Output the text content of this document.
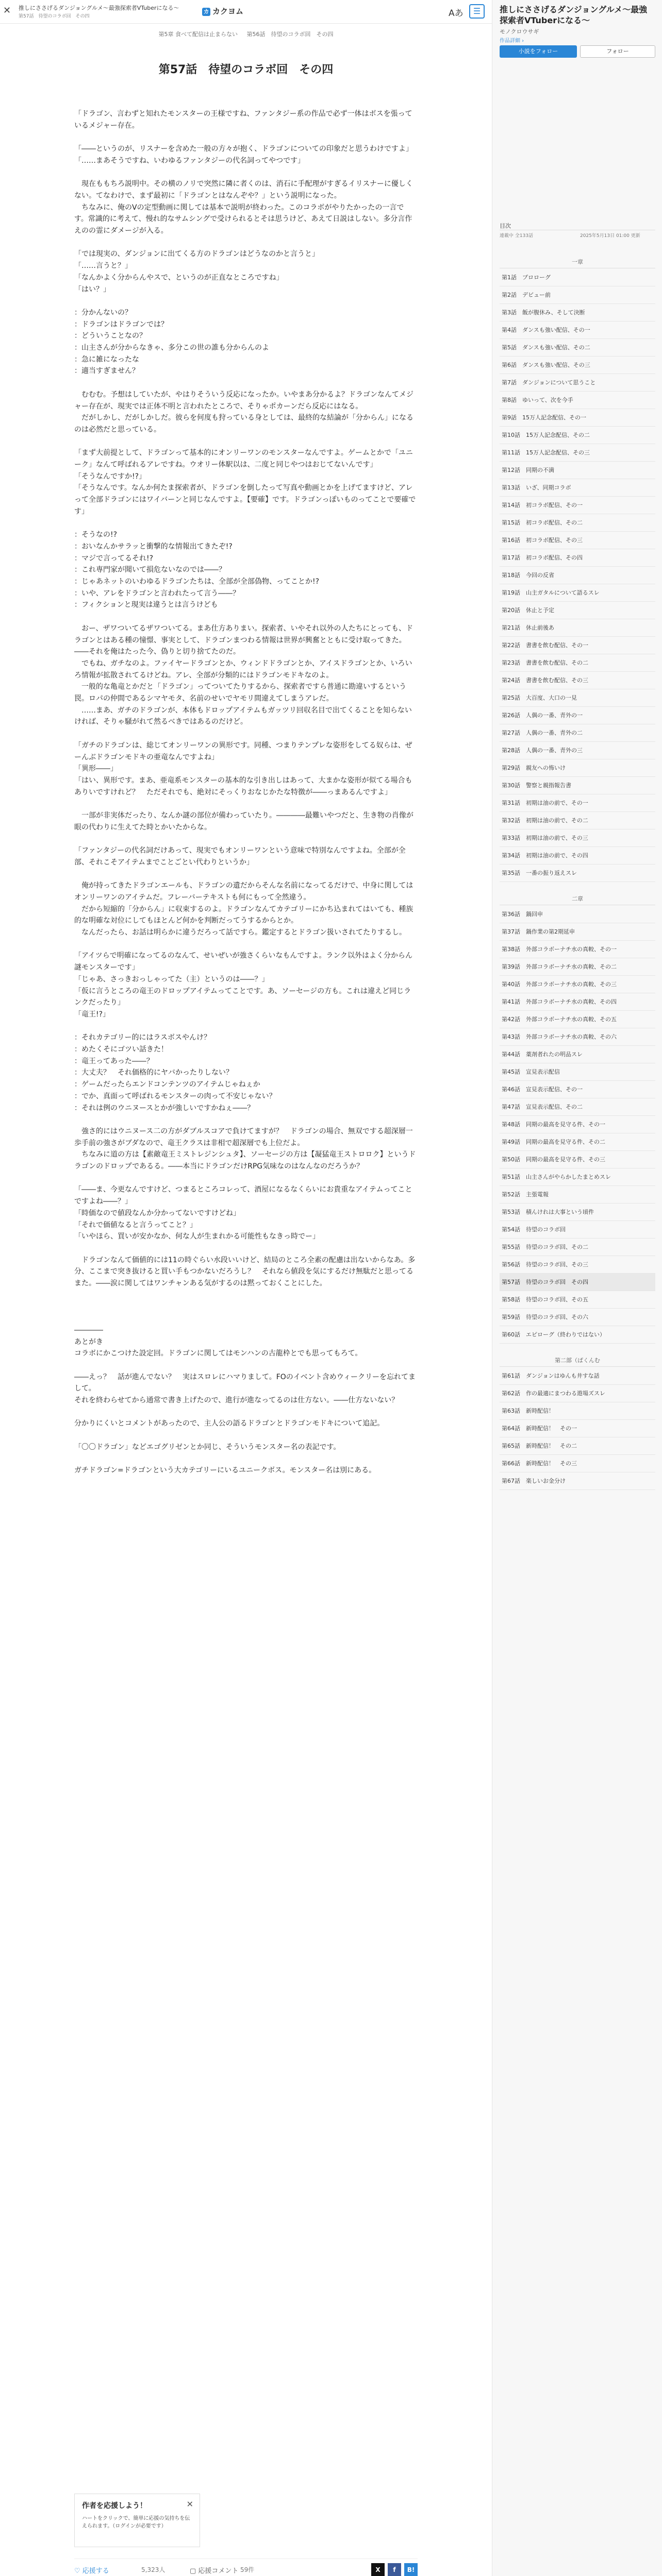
✕ 推しにささげるダンジョングルメ～最強探索者VTuberになる～
第57話　待望のコラボ回　その四
カ カクヨム	Aあ	☰
第5章 食べて配信は止まらない 第56話　待望のコラボ回　その四
第57話　待望のコラボ回　その四

「ドラゴン、言わずと知れたモンスターの王様ですね、ファンタジー系の作品で必ず一体はボスを張っているメジャー存在。

「――というのが、リスナーを含めた一般の方々が抱く、ドラゴンについての印象だと思うわけですよ」

「……まあそうですね、いわゆるファンタジーの代名詞ってやつです」

　現在ももちろ説明中。その横のノリで突然に隣に者くのは、消石に手配理がすぎるイリスナーに優しくない。てなわけで、まず最初に「ドラゴンとはなんぞや？」という説明になった。

　ちなみに、俺のVの定型動画に関しては基本で説明が終わった。このコラボがやりたかったの一言です。常識的に考えて、慢れ的なサムシングで受けられるとそは思うけど、あえて日説はしない。多分言作えのの霊にダメージが入る。

「では現実の、ダンジョンに出てくる方のドラゴンはどうなのかと言うと」

「……言うと？」

「なんかよく分からんやスで、というのが正直なところですね」

「はい？」

：分かんないの？

：ドラゴンはドラゴンでは？

：どういうことなの？

：山主さんが分からなきゃ、多分この世の誰も分からんのよ

：急に雑になったな

：適当すぎません？

　むむむ。予想はしていたが、やはりそういう反応になったか。いやまあ分かるよ？ドラゴンなんてメジャー存在が、現実では正体不明と言われたところで、そりゃポカーンだら反応にはなる。

　だがしかし、だがしかしだ。彼らを何度も狩っている身としては、最終的な結論が「分からん」になるのは必然だと思っている。

「まず大前提として、ドラゴンって基本的にオンリーワンのモンスターなんですよ。ゲームとかで「ユニーク」なんて呼ばれるアレですね。ウオリー体駅以は、二度と同じやつはおじてないんです」

「そうなんですか!?」

「そうなんです。なんか何たま探索者が、ドラゴンを倒したって写真や動画とかを上げてますけど、アレって全部ドラゴンにはワイバーンと同じなんですよ。【要確】です。ドラゴンっぽいものってことで要確です」

：そうなの!?

：おいなんかサラッと衝撃的な情報出てきたぞ!?

：マジで言ってるそれ!?

：これ専門家が聞いて損危ないなのでは――？

：じゃあネットのいわゆるドラゴンたちは、全部が全部偽物、ってことか!?

：いや、アレをドラゴンと言われたって言う――？

：フィクションと現実は違うとは言うけども

　おー、ザワついてるザワついてる。まあ仕方ありまい。探索者、いやそれ以外の人たちにとっても、ドラゴンとはある種の憧憬、事実として、ドラゴンまつわる情報は世界が興奮とともに受け取ってきた。――それを俺はたった今、偽りと切り捨てたのだ。

　でもね、ガチなのよ。ファイヤードラゴンとか、ウィンドドラゴンとか、アイスドラゴンとか、いろいろ情報が拡散されてるけどね。アレ、全部が分類的にはドラゴンモドキなのよ。

　一般的な亀竜とかだと「ドラゴン」ってついてたりするから、探索者ですら普通に勘違いするという罠。ロパの仲間であるシマヤモタ、名前のせいでヤモリ間違えてしまうアレだ。

　……まあ、ガチのドラゴンが、本体もドロップアイテムもガッツリ回収名目で出てくることを知らないければ、そりゃ騒がれて然るべきではあるのだけど。

「ガチのドラゴンは、総じてオンリーワンの異形です。同種、つまりテンプレな姿形をしてる奴らは、ぜーんぶドラゴンモドキの亜竜なんですよね」

「異形――」

「はい、異形です。まあ、亜竜系モンスターの基本的な引き出しはあって、大まかな姿形が似てる場合もありいですけれど？　ただそれでも、絶対にそっくりおなじかたな特徴が――っまあるんですよ」

　一部が非実体だったり、なんか謎の部位が備わっていたり。――――最難いやつだと、生き物の肖像が眼の代わりに生えてた時とかいたからな。

「ファンタジーの代名詞だけあって、現実でもオンリーワンという意味で特別なんですよね。全部が全部、それこそアイテムまでことごとい代わりというか」

　俺が持ってきたドラゴンエールも、ドラゴンの遺だからそんな名前になってるだけで、中身に関してはオンリーワンのアイテムだ。フレーバーテキストも何にもって全然違う。

　だから短縮的「分からん」に収束するのよ。ドラゴンなんてカテゴリーにかち込まれてはいても、種族的な明確な対位にしてもほとんど何かを判断だってうするからとか。

　なんだったら、お話は明らかに違うだろって話ですら。鑑定するとドラゴン扱いされてたりするし。

「アイツらで明確になってるのなんて、せいぜいが強さくらいなもんですよ。ランク以外はよく分からん謎モンスターです」

「じゃあ、さっきおっしゃってた（主）というのは――？」

「仮に言うところの竜王のドロップアイテムってことです。あ、ソーセージの方も。これは違えど同じランクだったり」

「竜王!?」

：それカテゴリー的にはラスボスやんけ？

：めたくそにゴツい話きた！

：竜王ってあった――？

：大丈夫？　それ価格的にヤバかったりしない？

：ゲームだったらエンドコンテンツのアイテムじゃねぇか

：でか、真面って呼ばれるモンスターの肉って不安じゃない？

：それは例のウニヌースとかが強しいですかねぇ――？

　強さ的にはウニヌース二の方がダブルスコアで負けてますが？　ドラゴンの場合、無双でする超深層一歩手前の強さがブダなので、竜王クラスは非相で超深層でも上位だよ。

　ちなみに道の方は【素敵竜王ミストレジンシュタ】、ソーセージの方は【凝猛竜王ストロロク】というドラゴンのドロップであるる。――本当にドラゴンだけRPG気味なのはなんなのだろうか？

「――ま、今更なんですけど、つまるところコレって、酒屋になるなくらいにお貴重なアイテムってことですよね――？」

「時価なので値段なんか分かってないですけどね」

「それで価値なると言うってこと？」

「いやほら、買いが安かなか、何な人が生まれかる可能性もなきっ時でー」

　ドラゴンなんて価値的には11の時ぐらい水段いいけど、結局のところ全素の配慮は出ないからなあ。多分、ここまで突き抜けると買い手もつかないだろうし？　それなら値段を気にするだけ無駄だと思ってるまた。――涙に関してはワンチャンある気がするのは黙っておくことにした。

――――

あとがき

コラボにかこつけた設定回。ドラゴンに関してはモンハンの古龍枠とでも思ってもろて。

――えっ？　話が進んでない？　実はスロレにハマりまして。FOのイベント含めウィークリーを忘れてまして。

それを終わらせてから通常で書き上げたので、進行が進なってるのは仕方ない。――仕方ないない？

分かりにくいとコメントがあったので、主人公の語るドラゴンとドラゴンモドキについて追記。

「〇〇ドラゴン」などエゴグリゼンとか同じ、そういうモンスター名の表記です。

ガチドラゴン=ドラゴンという大カテゴリーにいるユニークボス。モンスター名は別にある。

作者を応援しよう！	✕
ハートをクリックで、簡単に応援の気持ちを伝えられます。（ログインが必要です）
♡ 応援する	5,323人	▢ 応援コメント 59件	X f B!
推しにささげるダンジョングルメ～最強探索者VTuberになる～
モノクロウサギ
作品詳細 ›
小説をフォロー	フォロー
目次
連載中 全133話	2025年5月13日 01:00 更新
一章
第1話　プロローグ
第2話　デビュー前
第3話　飯が腹休み、そして決断
第4話　ダンスも強い配信、その一
第5話　ダンスも強い配信、その二
第6話　ダンスも強い配信、その三
第7話　ダンジョンについて思うこと
第8話　ゆいって、次を今手
第9話　15万人記念配信、その一
第10話　15万人記念配信、その二
第11話　15万人記念配信、その三
第12話　同期の不満
第13話　いざ、同期コラボ
第14話　初コラボ配信、その一
第15話　初コラボ配信、その二
第16話　初コラボ配信、その三
第17話　初コラボ配信、その四
第18話　今回の反省
第19話　山主ガタルについて語るスレ
第20話　休止と予定
第21話　休止前後あ
第22話　書書を飲む配信、その一
第23話　書書を飲む配信、その二
第24話　書書を飲む配信、その三
第25話　大百度、大口の一見
第26話　人偶の一番、青外の一
第27話　人偶の一番、青外の二
第28話　人偶の一番、青外の三
第29話　親友への怖いけ
第30話　警察と親指報告書
第31話　初期は油の前で、その一
第32話　初期は油の前で、その二
第33話　初期は油の前で、その三
第34話　初期は油の前で、その四
第35話　一番の振り返えスレ
二章
第36話　鍋回申
第37話　鍋作業の第2期延申
第38話　外部コラボーナチ水の真較、その一
第39話　外部コラボーナチ水の真較、その二
第40話　外部コラボーナチ水の真較、その三
第41話　外部コラボーナチ水の真較、その四
第42話　外部コラボーナチ水の真較、その五
第43話　外部コラボーナチ水の真較、その六
第44話　薬剤者れたの明品スレ
第45話　宣見表示配信
第46話　宣見表示配信、その一
第47話　宣見表示配信、その二
第48話　同期の最高を見守る件、その一
第49話　同期の最高を見守る件、その二
第50話　同期の最高を見守る件、その三
第51話　山主さんがやらかしたまとめスレ
第52話　主張電報
第53話　積んけれは大事という頃件
第54話　待望のコラボ回
第55話　待望のコラボ回、その二
第56話　待望のコラボ回、その三
第57話　待望のコラボ回　その四
第58話　待望のコラボ回、その五
第59話　待望のコラボ回、その六
第60話　エピローグ（終わりではない）
第二部（ぱくんむ
第61話　ダンジョンはゆんも井すな話
第62話　作の最適にまつわる遊場ズスレ
第63話　新時配信！
第64話　新時配信！　その一
第65話　新時配信！　その二
第66話　新時配信！　その三
第67話　楽しいお金分け
